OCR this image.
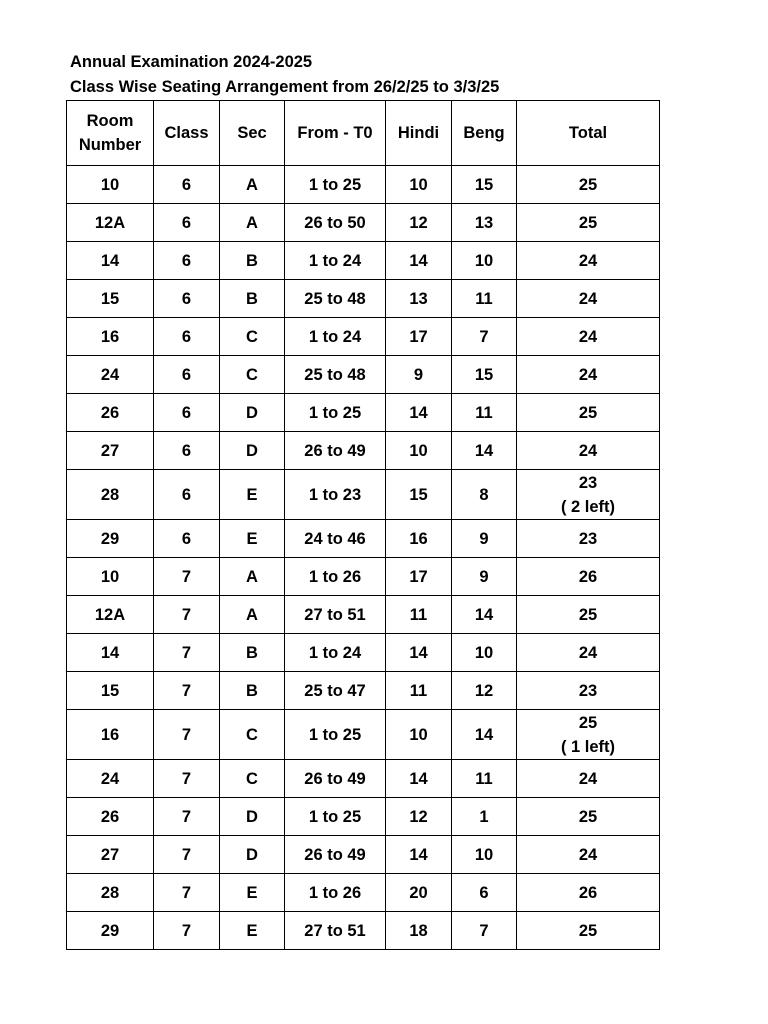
Annual Examination 2024-2025
Class Wise Seating Arrangement from 26/2/25 to 3/3/25
Room
Number	Class	Sec	From - T0	Hindi	Beng	Total
10	6	A	1 to 25	10	15	25
12A	6	A	26 to 50	12	13	25
14	6	B	1 to 24	14	10	24
15	6	B	25 to 48	13	11	24
16	6	C	1 to 24	17	7	24
24	6	C	25 to 48	9	15	24
26	6	D	1 to 25	14	11	25
27	6	D	26 to 49	10	14	24
28	6	E	1 to 23	15	8	23
( 2 left)

29	6	E	24 to 46	16	9	23
10	7	A	1 to 26	17	9	26
12A	7	A	27 to 51	11	14	25
14	7	B	1 to 24	14	10	24
15	7	B	25 to 47	11	12	23
16	7	C	1 to 25	10	14	25
( 1 left)

24	7	C	26 to 49	14	11	24
26	7	D	1 to 25	12	1	25
27	7	D	26 to 49	14	10	24
28	7	E	1 to 26	20	6	26
29	7	E	27 to 51	18	7	25
